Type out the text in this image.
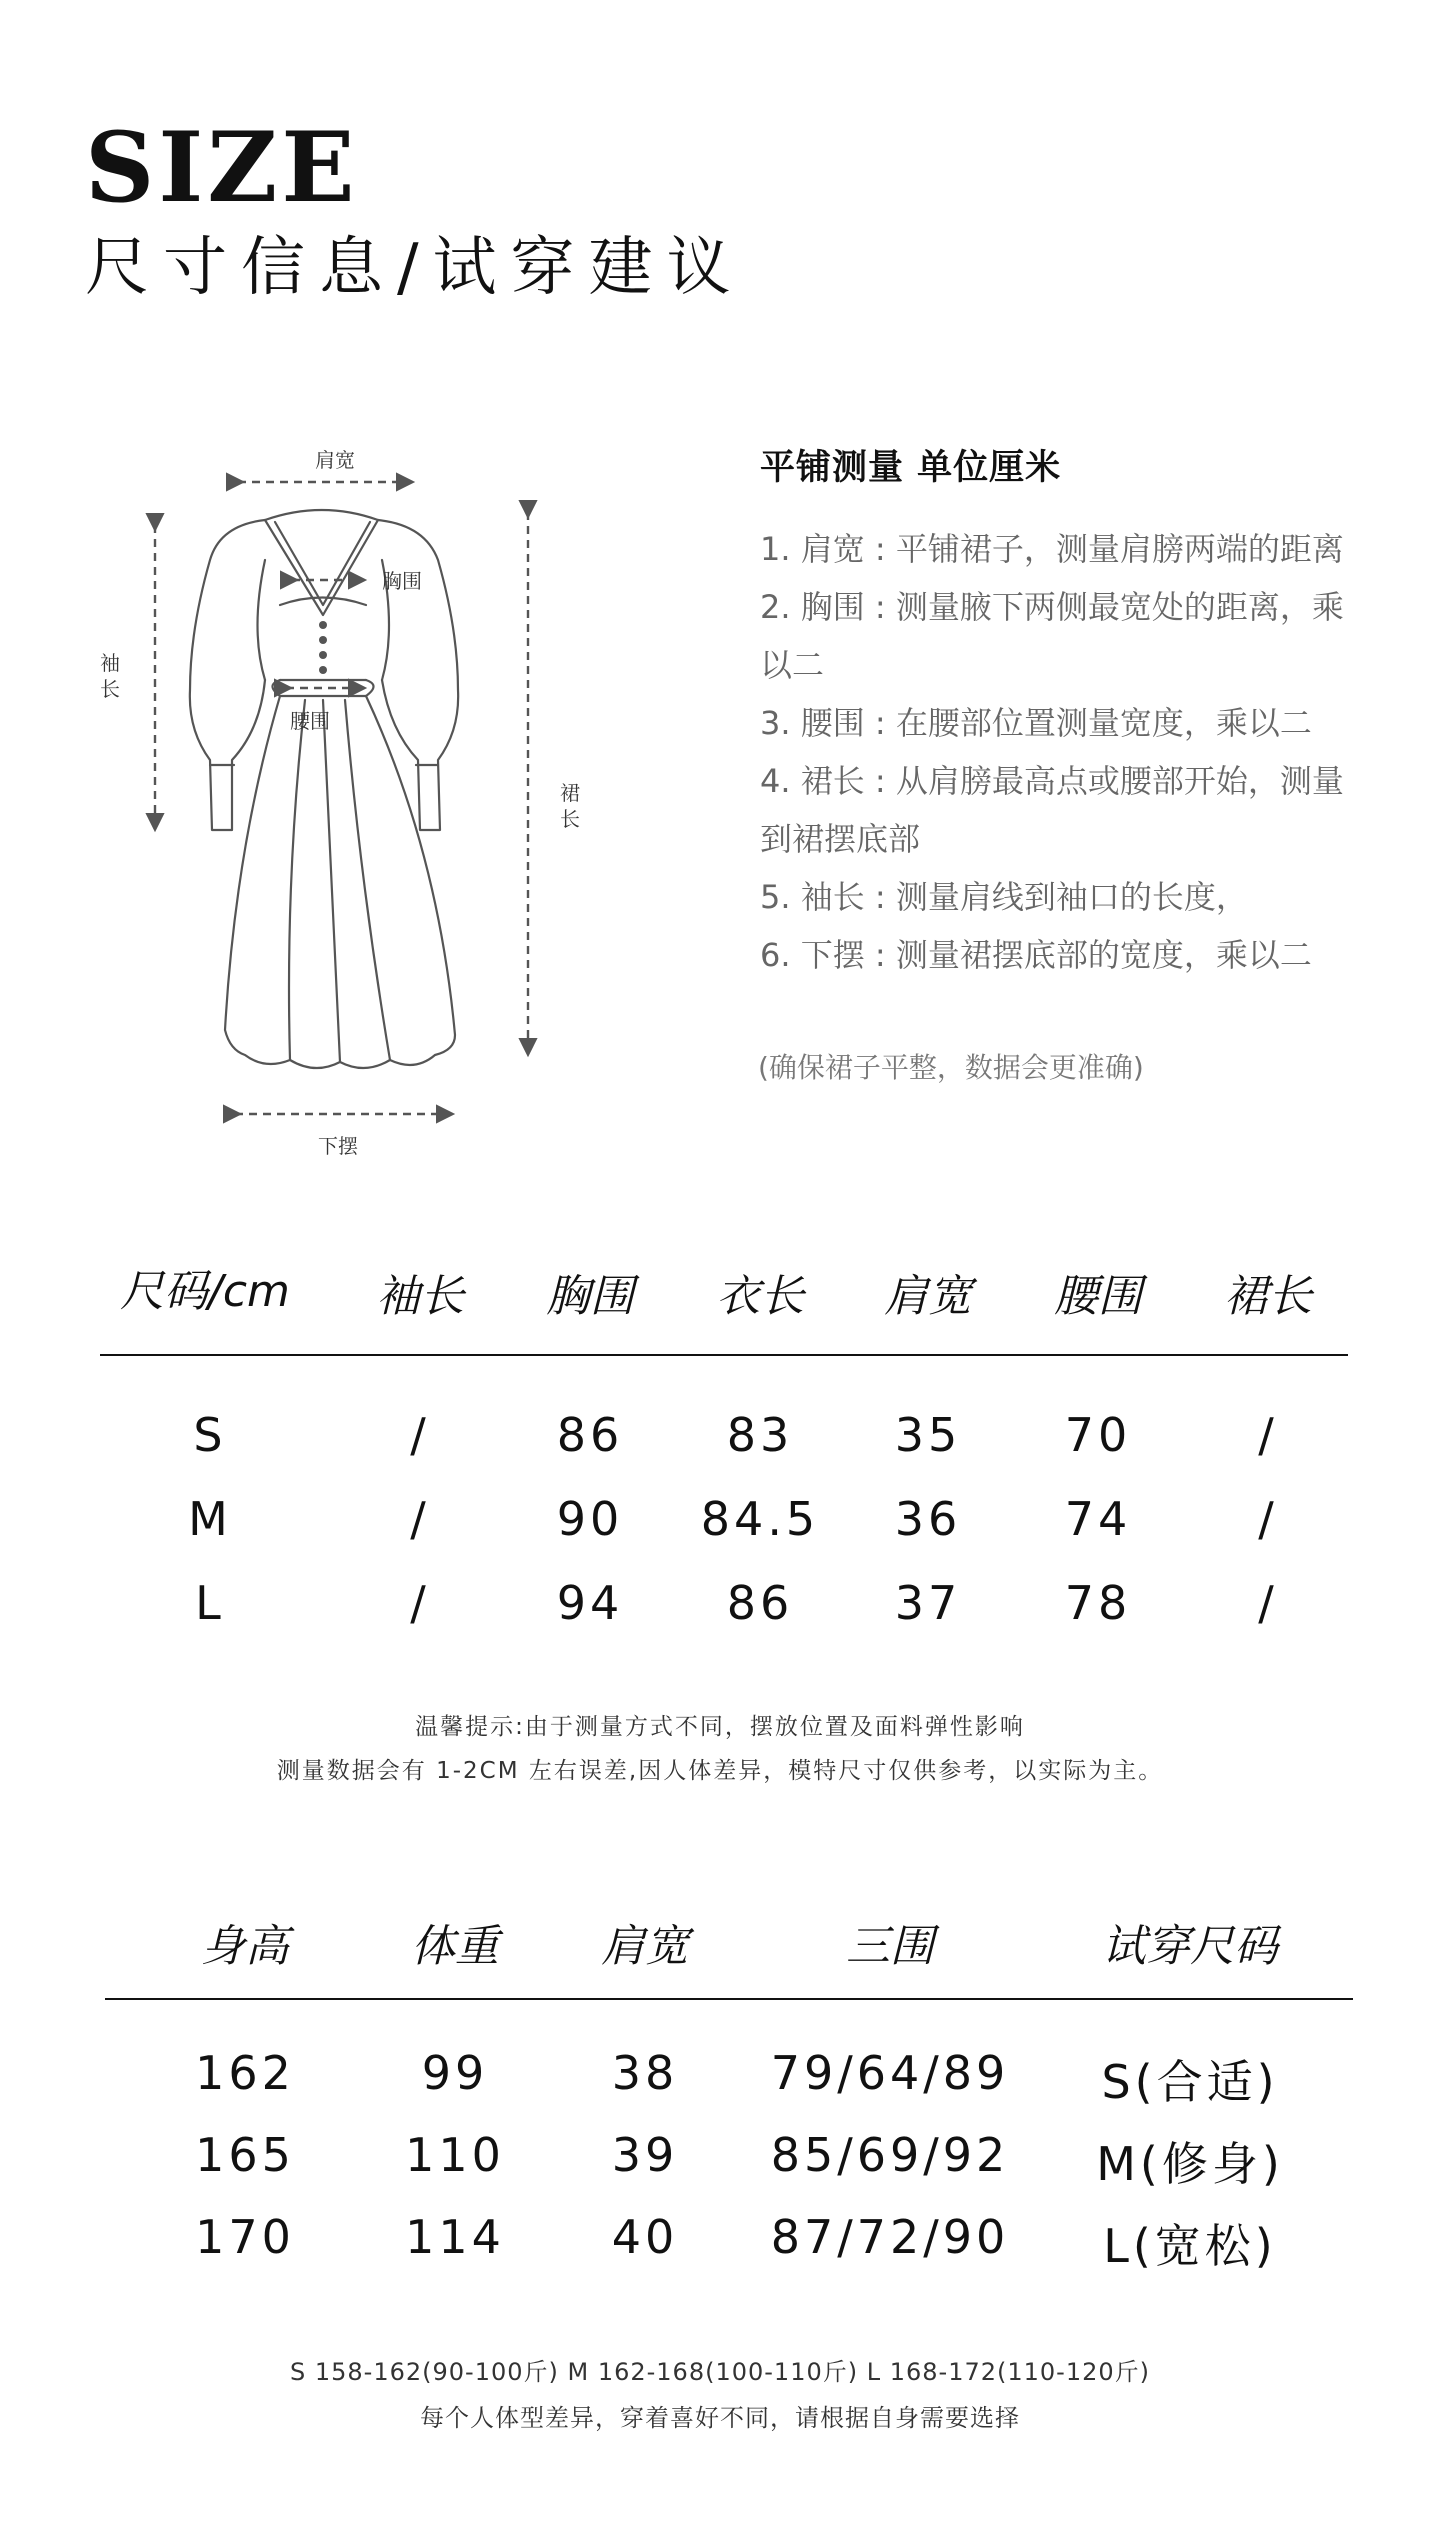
SIZE
尺寸信息/试穿建议
肩宽
胸围
腰围
袖长
裙长
下摆
平铺测量 单位厘米
1. 肩宽 : 平铺裙子，测量肩膀两端的距离
2. 胸围 : 测量腋下两侧最宽处的距离，乘以二
3. 腰围 : 在腰部位置测量宽度，乘以二
4. 裙长 : 从肩膀最高点或腰部开始，测量到裙摆底部
5. 袖长 : 测量肩线到袖口的长度，
6. 下摆 : 测量裙摆底部的宽度，乘以二
(确保裙子平整，数据会更准确)
尺码/cm	袖长	胸围	衣长	肩宽	腰围	裙长
S	/	86	83	35	70	/
M	/	90	84.5	36	74	/
L	/	94	86	37	78	/
温馨提示:由于测量方式不同，摆放位置及面料弹性影响
测量数据会有 1-2CM 左右误差,因人体差异，模特尺寸仅供参考，以实际为主。
身高	体重	肩宽	三围	试穿尺码
162	99	38	79/64/89	S(合适)
165	110	39	85/69/92	M(修身)
170	114	40	87/72/90	L(宽松)
S 158-162(90-100斤) M 162-168(100-110斤) L 168-172(110-120斤)
每个人体型差异，穿着喜好不同，请根据自身需要选择
